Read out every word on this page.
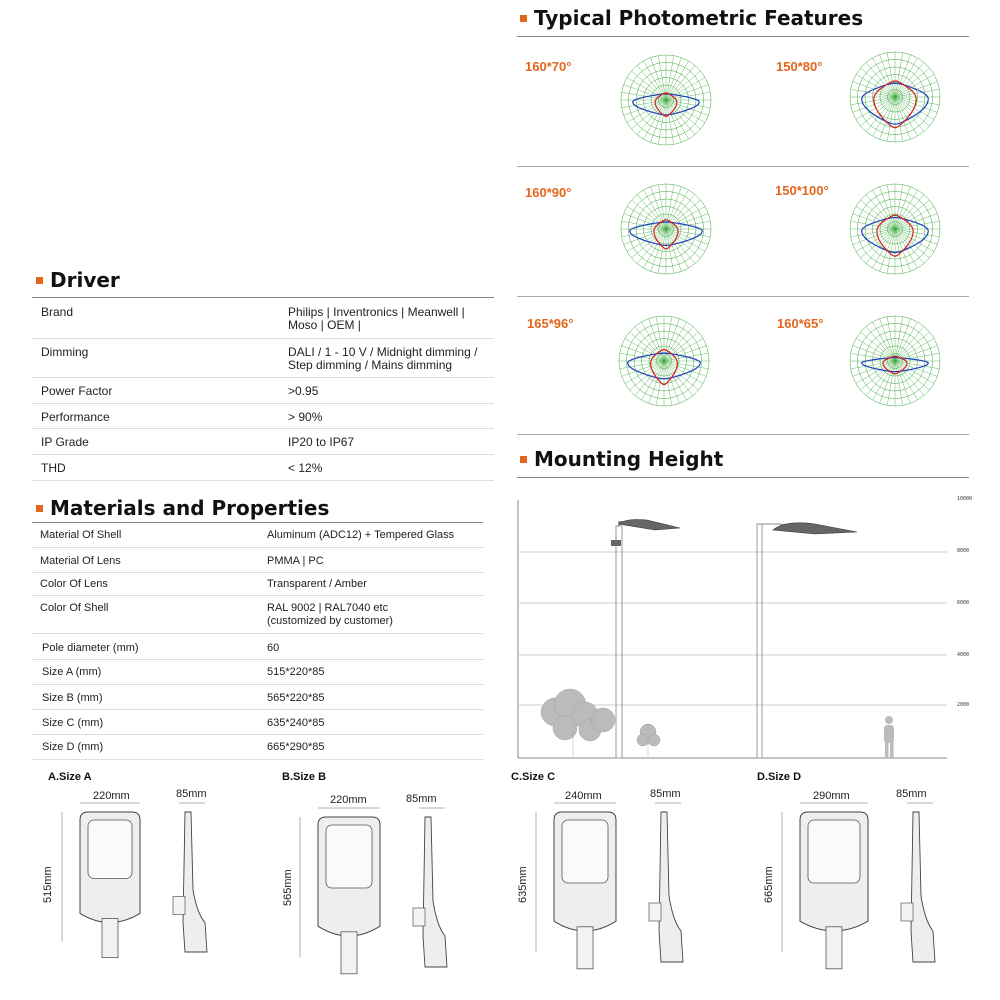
Driver
Brand	Philips | Inventronics | Meanwell | Moso | OEM |
Dimming	DALI / 1 - 10 V / Midnight dimming / Step dimming / Mains dimming
Power Factor	>0.95
Performance	> 90%
IP Grade	IP20 to IP67
THD	< 12%
Materials and Properties
Material Of Shell	Aluminum (ADC12) + Tempered Glass
Material Of Lens	PMMA | PC
Color Of Lens	Transparent / Amber
Color Of Shell	RAL 9002 | RAL7040 etc (customized by customer)
Pole diameter (mm)	60
Size A (mm)	515*220*85
Size B (mm)	565*220*85
Size C (mm)	635*240*85
Size D (mm)	665*290*85
Typical Photometric Features
160*70°	150*80°
160*90°	150*100°
165*96°	160*65°
Mounting Height
10000
8000
6000
4000
2000
A.Size A	B.Size B	C.Size C	D.Size D
220mm	85mm
515mm
220mm	85mm
565mm
240mm	85mm
635mm
290mm	85mm
665mm
